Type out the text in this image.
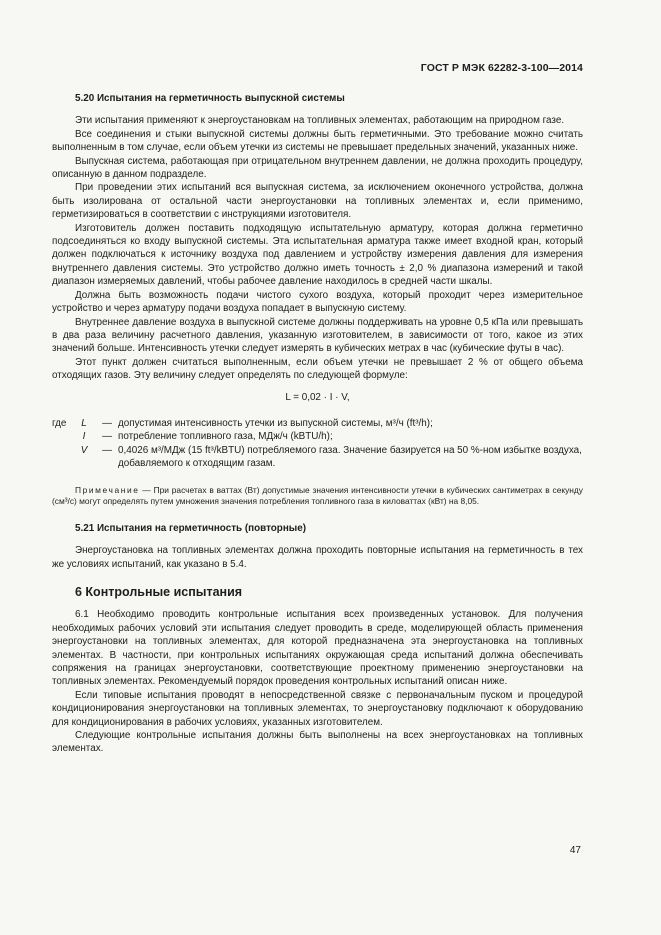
ГОСТ Р МЭК 62282-3-100—2014
5.20 Испытания на герметичность выпускной системы

Эти испытания применяют к энергоустановкам на топливных элементах, работающим на природном газе.

Все соединения и стыки выпускной системы должны быть герметичными. Это требование можно считать выполненным в том случае, если объем утечки из системы не превышает предельных значений, указанных ниже.

Выпускная система, работающая при отрицательном внутреннем давлении, не должна проходить процедуру, описанную в данном подразделе.

При проведении этих испытаний вся выпускная система, за исключением оконечного устройства, должна быть изолирована от остальной части энергоустановки на топливных элементах и, если применимо, герметизироваться в соответствии с инструкциями изготовителя.

Изготовитель должен поставить подходящую испытательную арматуру, которая должна герметично подсоединяться ко входу выпускной системы. Эта испытательная арматура также имеет входной кран, который должен подключаться к источнику воздуха под давлением и устройству измерения давления для измерения внутреннего давления системы. Это устройство должно иметь точность ± 2,0 % диапазона измерений и такой диапазон измеряемых давлений, чтобы рабочее давление находилось в средней части шкалы.

Должна быть возможность подачи чистого сухого воздуха, который проходит через измерительное устройство и через арматуру подачи воздуха попадает в выпускную систему.

Внутреннее давление воздуха в выпускной системе должны поддерживать на уровне 0,5 кПа или превышать в два раза величину расчетного давления, указанную изготовителем, в зависимости от того, какое из этих значений больше. Интенсивность утечки следует измерять в кубических метрах в час (кубические футы в час).

Этот пункт должен считаться выполненным, если объем утечки не превышает 2 % от общего объема отходящих газов. Эту величину следует определять по следующей формуле:

L = 0,02 · I · V,
где	L	— допустимая интенсивность утечки из выпускной системы, м³/ч (ft³/h);
I	— потребление топливного газа, МДж/ч (kBTU/h);
V	— 0,4026 м³/МДж (15 ft³/kBTU) потребляемого газа. Значение базируется на 50 %-ном избытке воздуха, добавляемого к отходящим газам.

Примечание — При расчетах в ваттах (Вт) допустимые значения интенсивности утечки в кубических сантиметрах в секунду (см³/с) могут определять путем умножения значения потребления топливного газа в киловаттах (кВт) на 8,05.

5.21 Испытания на герметичность (повторные)

Энергоустановка на топливных элементах должна проходить повторные испытания на герметичность в тех же условиях испытаний, как указано в 5.4.

6 Контрольные испытания

6.1 Необходимо проводить контрольные испытания всех произведенных установок. Для получения необходимых рабочих условий эти испытания следует проводить в среде, моделирующей область применения энергоустановки на топливных элементах, для которой предназначена эта энергоустановка на топливных элементах. В частности, при контрольных испытаниях окружающая среда испытаний должна обеспечивать сопряжения на границах энергоустановки, соответствующие проектному применению энергоустановки на топливных элементах. Рекомендуемый порядок проведения контрольных испытаний описан ниже.

Если типовые испытания проводят в непосредственной связке с первоначальным пуском и процедурой кондиционирования энергоустановки на топливных элементах, то энергоустановку подключают к оборудованию для кондиционирования в рабочих условиях, указанных изготовителем.

Следующие контрольные испытания должны быть выполнены на всех энергоустановках на топливных элементах.

47
